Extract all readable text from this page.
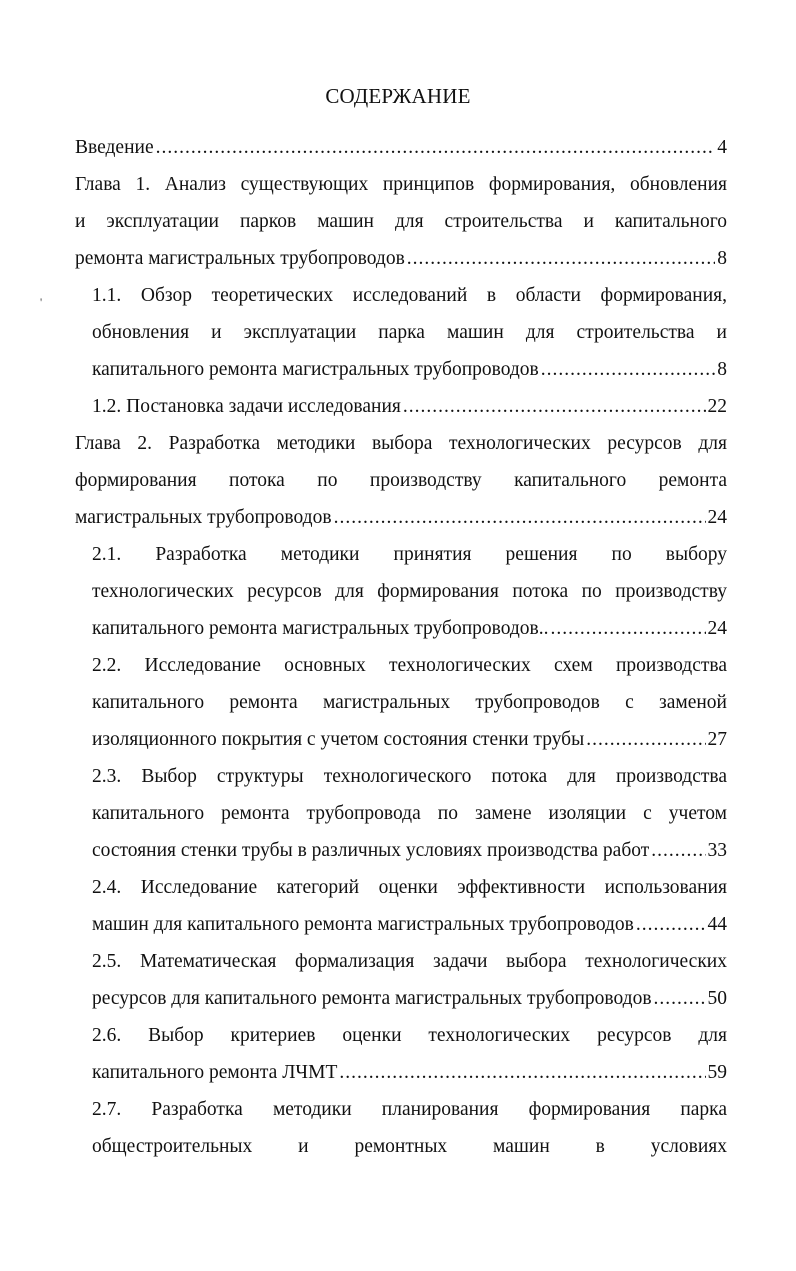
СОДЕРЖАНИЕ
'
Введение .....	4
Глава 1. Анализ существующих принципов формирования, обновления
и эксплуатации парков машин для строительства и капитального
ремонта магистральных трубопроводов .....	8
1.1. Обзор теоретических исследований в области формирования,
обновления и эксплуатации парка машин для строительства и
капитального ремонта магистральных трубопроводов .....	8
1.2. Постановка задачи исследования .....	22
Глава 2. Разработка методики выбора технологических ресурсов для
формирования потока по производству капитального ремонта
магистральных трубопроводов .....	24
2.1. Разработка методики принятия решения по выбору
технологических ресурсов для формирования потока по производству
капитального ремонта магистральных трубопроводов.. .....	24
2.2. Исследование основных технологических схем производства
капитального ремонта магистральных трубопроводов с заменой
изоляционного покрытия с учетом состояния стенки трубы .....	27
2.3. Выбор структуры технологического потока для производства
капитального ремонта трубопровода по замене изоляции с учетом
состояния стенки трубы в различных условиях производства работ .....	33
2.4. Исследование категорий оценки эффективности использования
машин для капитального ремонта магистральных трубопроводов .....	44
2.5. Математическая формализация задачи выбора технологических
ресурсов для капитального ремонта магистральных трубопроводов .....	50
2.6. Выбор критериев оценки технологических ресурсов для
капитального ремонта ЛЧМТ .....	59
2.7. Разработка методики планирования формирования парка
общестроительных и ремонтных машин в условиях
